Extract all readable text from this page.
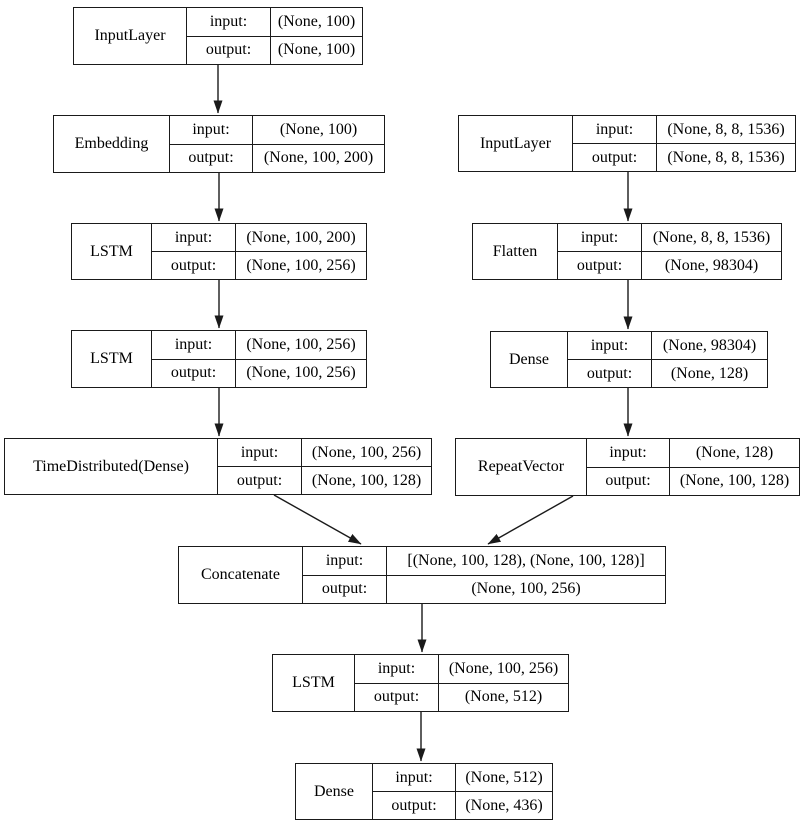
InputLayer	input:	(None, 100)
	output:	(None, 100)
Embedding	input:	(None, 100)
	output:	(None, 100, 200)
LSTM	input:	(None, 100, 200)
	output:	(None, 100, 256)
LSTM	input:	(None, 100, 256)
	output:	(None, 100, 256)
TimeDistributed(Dense)	input:	(None, 100, 256)
	output:	(None, 100, 128)
InputLayer	input:	(None, 8, 8, 1536)
	output:	(None, 8, 8, 1536)
Flatten	input:	(None, 8, 8, 1536)
	output:	(None, 98304)
Dense	input:	(None, 98304)
	output:	(None, 128)
RepeatVector	input:	(None, 128)
	output:	(None, 100, 128)
Concatenate	input:	[(None, 100, 128), (None, 100, 128)]
	output:	(None, 100, 256)
LSTM	input:	(None, 100, 256)
	output:	(None, 512)
Dense	input:	(None, 512)
	output:	(None, 436)
